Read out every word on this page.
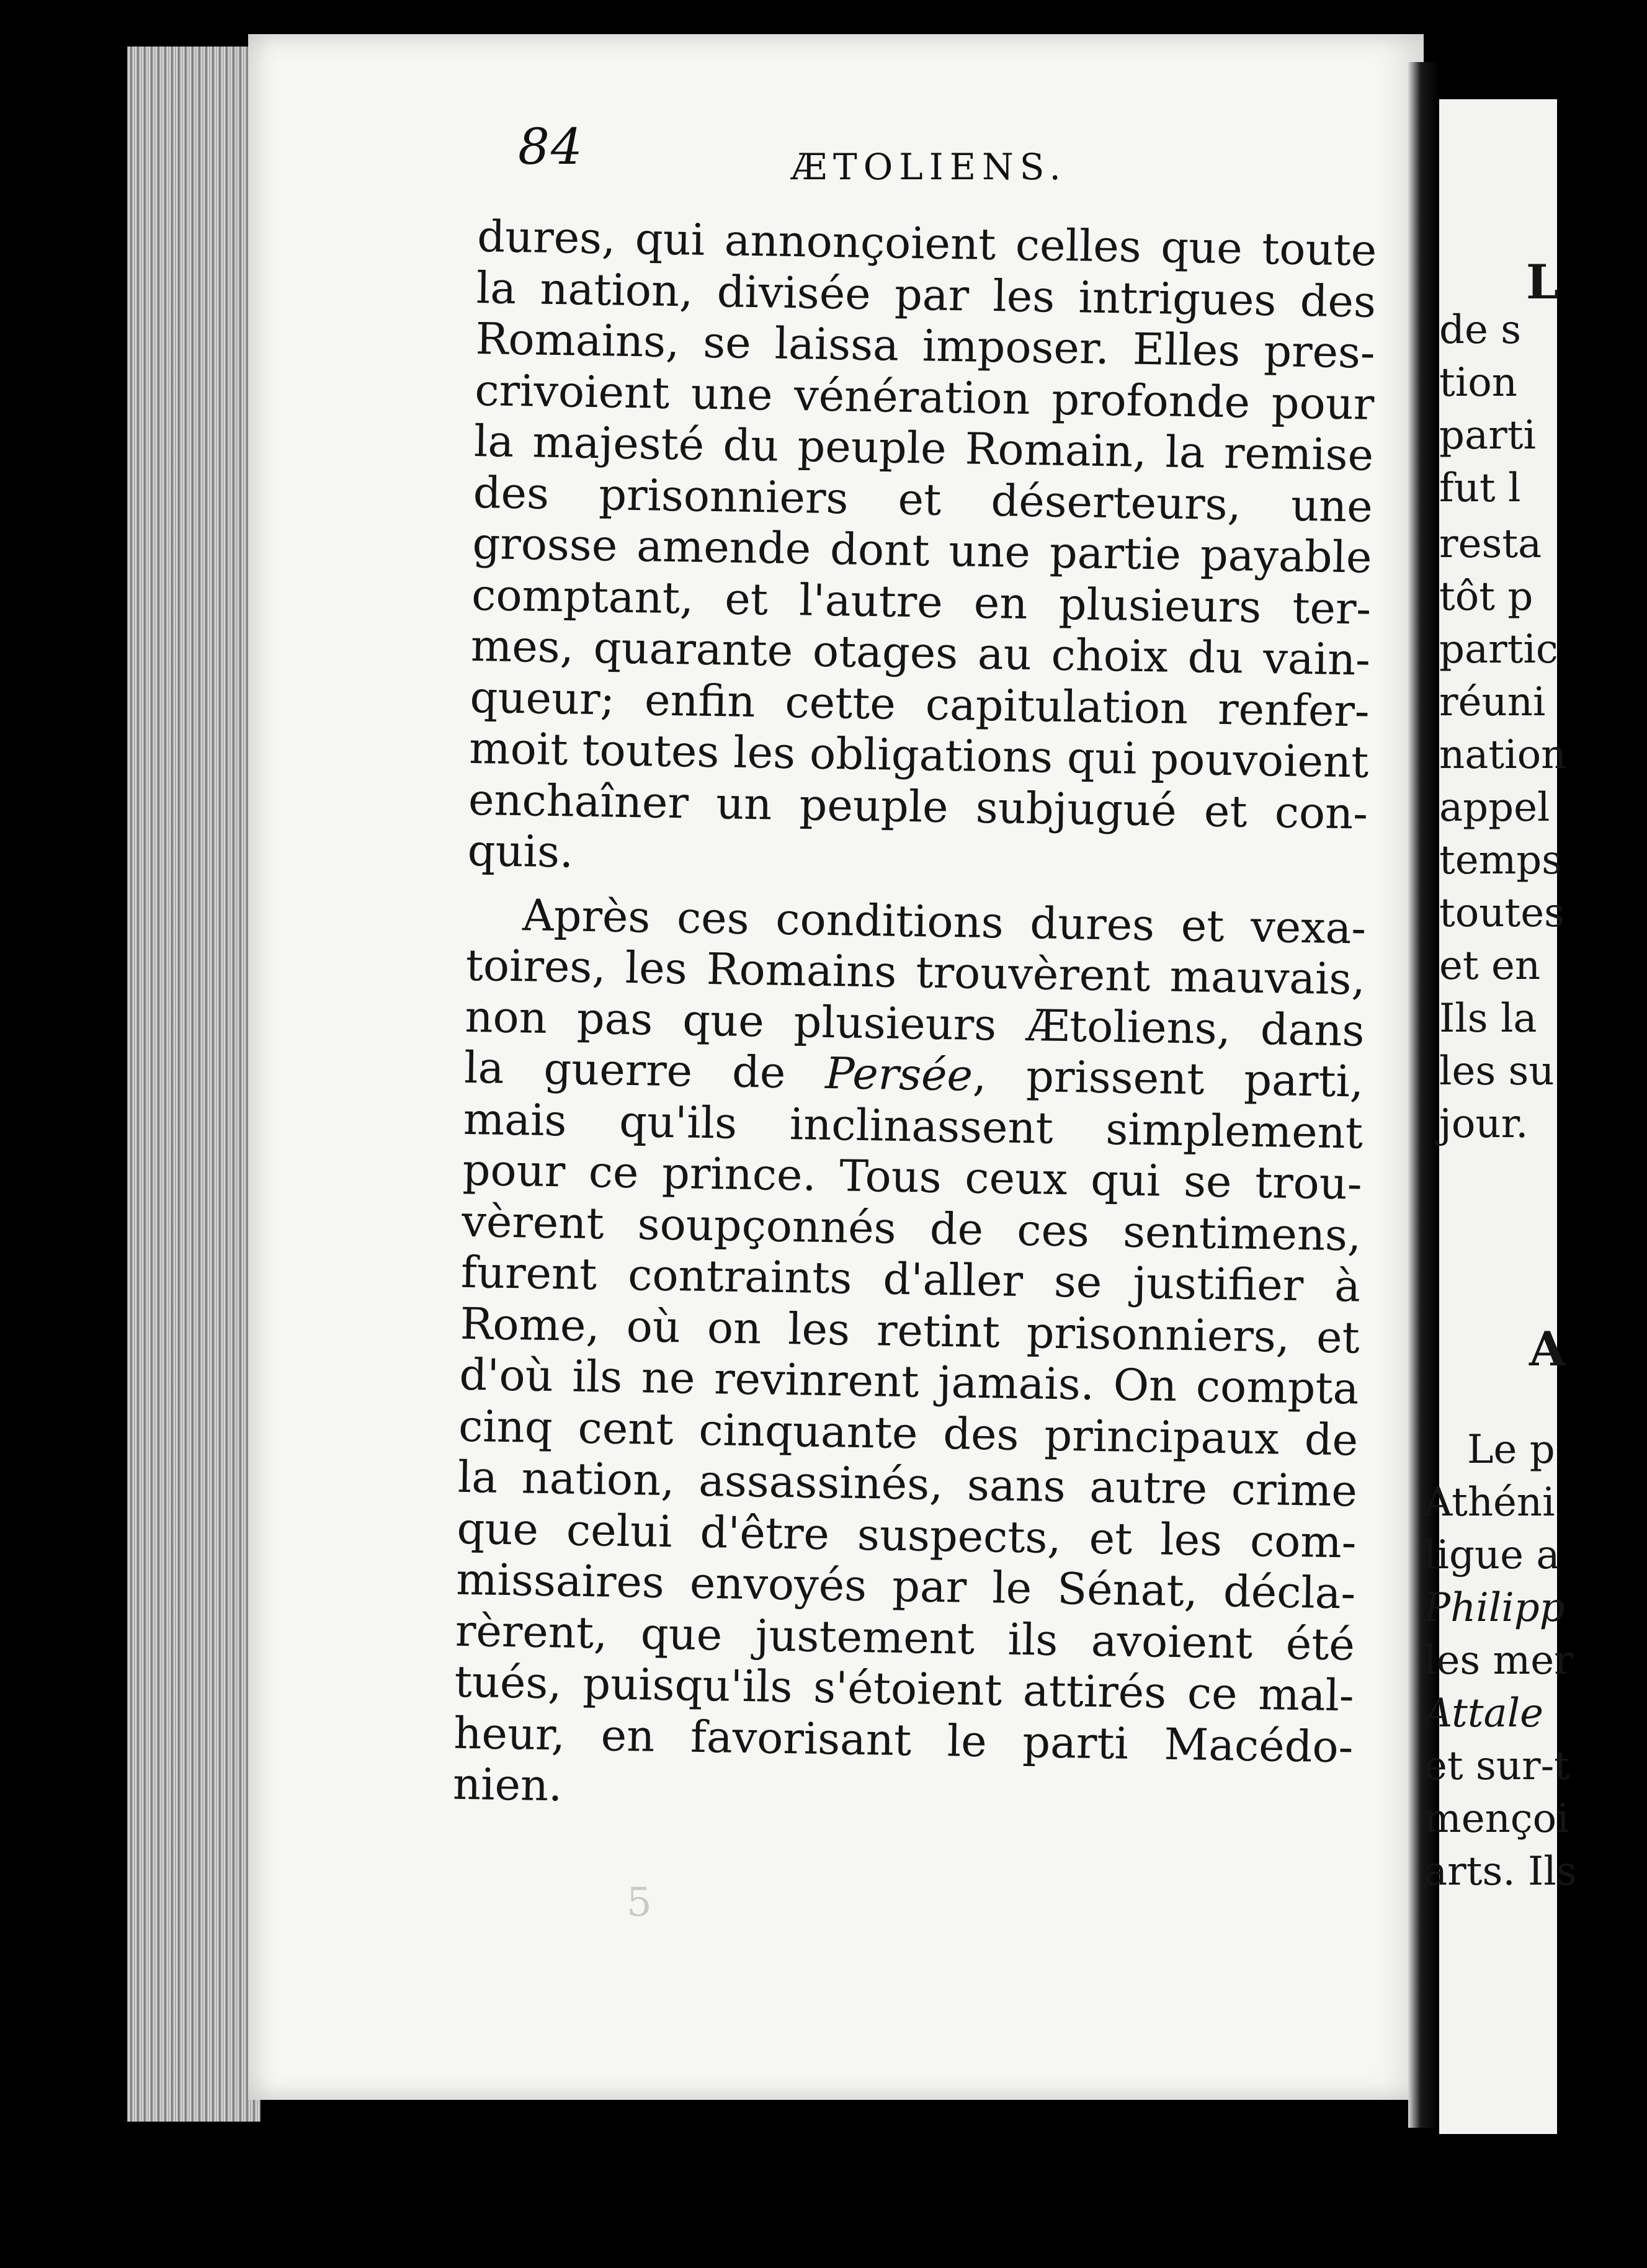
84	ÆTOLIENS.
dures, qui annonçoient celles que toute
la nation, divisée par les intrigues des
Romains, se laissa imposer. Elles pres-
crivoient une vénération profonde pour
la majesté du peuple Romain, la remise
des prisonniers et déserteurs, une
grosse amende dont une partie payable
comptant, et l'autre en plusieurs ter-
mes, quarante otages au choix du vain-
queur; enfin cette capitulation renfer-
moit toutes les obligations qui pouvoient
enchaîner un peuple subjugué et con-
quis.
Après ces conditions dures et vexa-
toires, les Romains trouvèrent mauvais,
non pas que plusieurs Ætoliens, dans
la guerre de Persée, prissent parti,
mais qu'ils inclinassent simplement
pour ce prince. Tous ceux qui se trou-
vèrent soupçonnés de ces sentimens,
furent contraints d'aller se justifier à
Rome, où on les retint prisonniers, et
d'où ils ne revinrent jamais. On compta
cinq cent cinquante des principaux de
la nation, assassinés, sans autre crime
que celui d'être suspects, et les com-
missaires envoyés par le Sénat, décla-
rèrent, que justement ils avoient été
tués, puisqu'ils s'étoient attirés ce mal-
heur, en favorisant le parti Macédo-
nien.
L
de s
tion
parti
fut l
resta
tôt p
partic
réuni
nation
appel
temps
toutes
et en
Ils la
les su
jour.
A
Le p
Athéni
ligue a
Philipp
les mer
Attale
et sur-t
mençoi
arts. Ils
5
